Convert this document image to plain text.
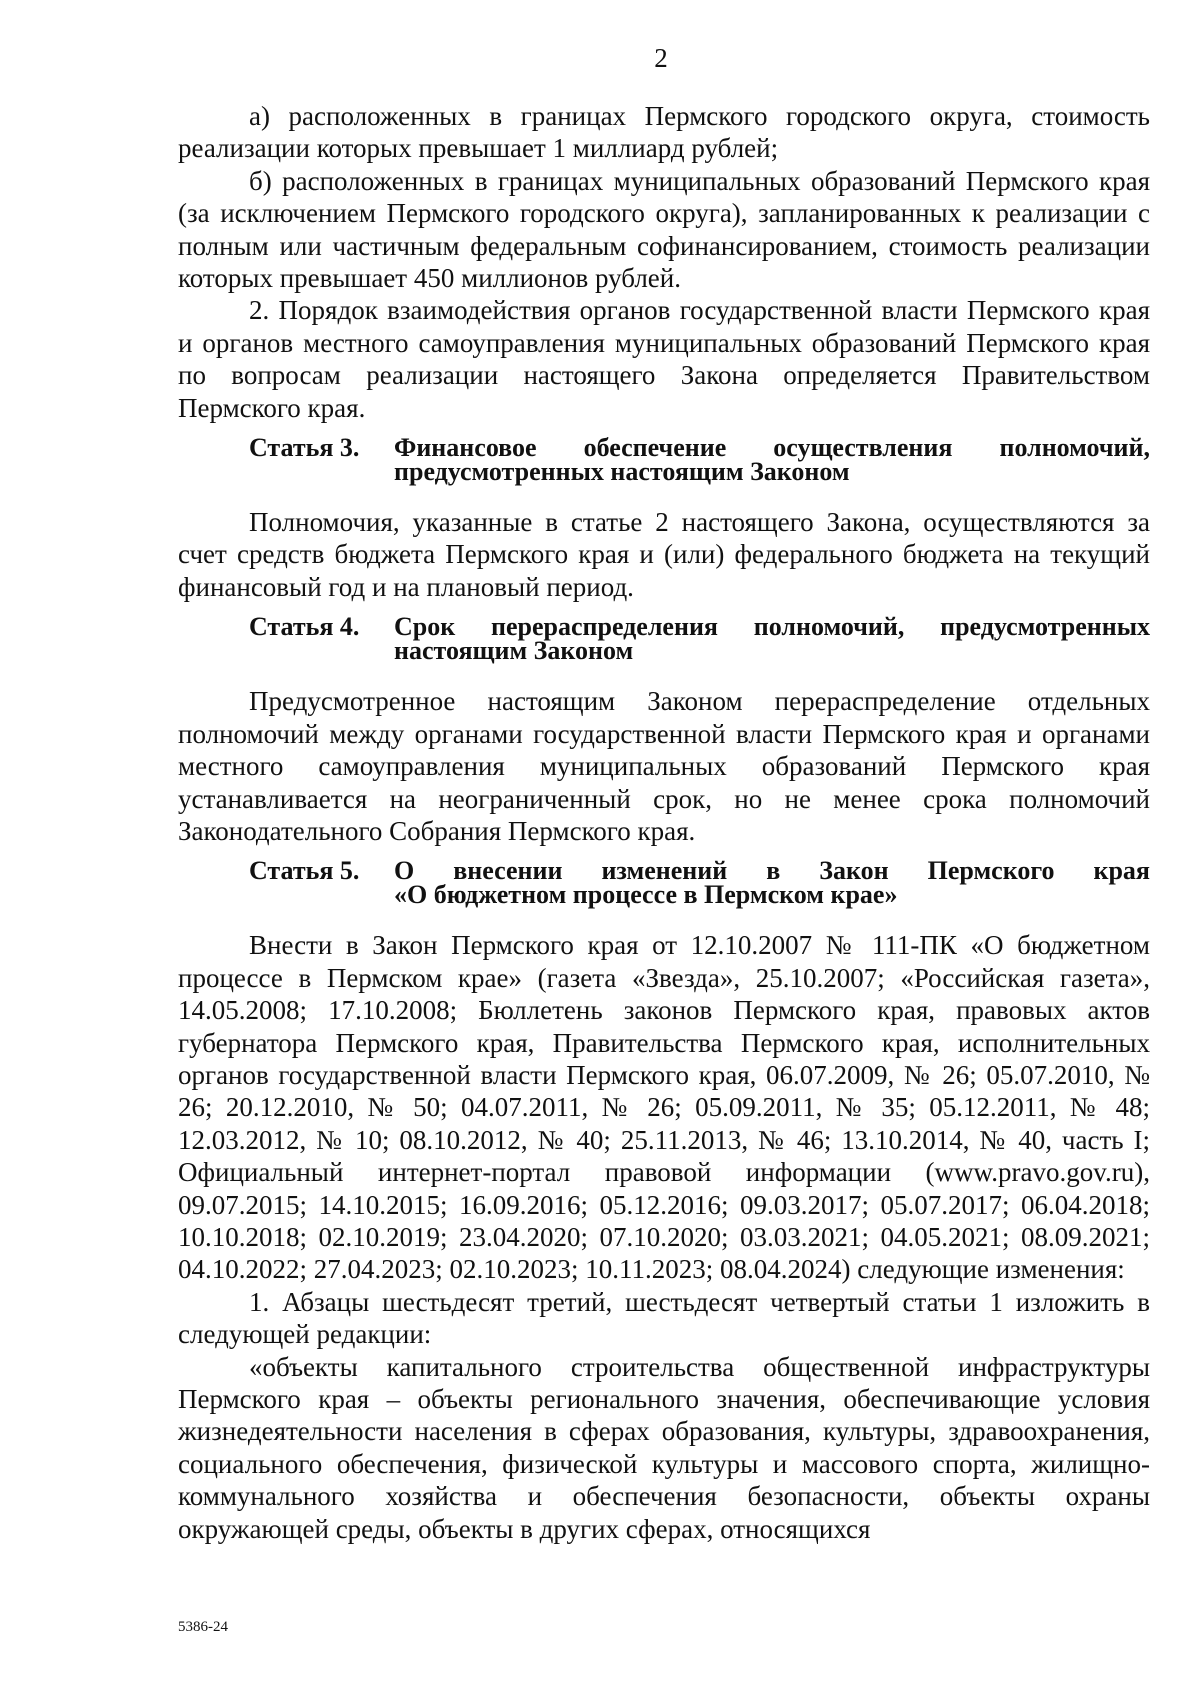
2

а) расположенных в границах Пермского городского округа, стоимость реализации которых превышает 1 миллиард рублей;

б) расположенных в границах муниципальных образований Пермского края (за исключением Пермского городского округа), запланированных к реализации с полным или частичным федеральным софинансированием, стоимость реализации которых превышает 450 миллионов рублей.

2. Порядок взаимодействия органов государственной власти Пермского края и органов местного самоуправления муниципальных образований Пермского края по вопросам реализации настоящего Закона определяется Правительством Пермского края.

Статья 3.	Финансовое обеспечение осуществления полномочий,
предусмотренных настоящим Законом

Полномочия, указанные в статье 2 настоящего Закона, осуществляются за счет средств бюджета Пермского края и (или) федерального бюджета на текущий финансовый год и на плановый период.

Статья 4.	Срок перераспределения полномочий, предусмотренных
настоящим Законом

Предусмотренное настоящим Законом перераспределение отдельных полномочий между органами государственной власти Пермского края и органами местного самоуправления муниципальных образований Пермского края устанавливается на неограниченный срок, но не менее срока полномочий Законодательного Собрания Пермского края.

Статья 5.	О внесении изменений в Закон Пермского края
«О бюджетном процессе в Пермском крае»

Внести в Закон Пермского края от 12.10.2007 № 111-ПК «О бюджетном процессе в Пермском крае» (газета «Звезда», 25.10.2007; «Российская газета», 14.05.2008; 17.10.2008; Бюллетень законов Пермского края, правовых актов губернатора Пермского края, Правительства Пермского края, исполнительных органов государственной власти Пермского края, 06.07.2009, № 26; 05.07.2010, № 26; 20.12.2010, № 50; 04.07.2011, № 26; 05.09.2011, № 35; 05.12.2011, № 48; 12.03.2012, № 10; 08.10.2012, № 40; 25.11.2013, № 46; 13.10.2014, № 40, часть I; Официальный интернет-портал правовой информации (www.pravo.gov.ru), 09.07.2015; 14.10.2015; 16.09.2016; 05.12.2016; 09.03.2017; 05.07.2017; 06.04.2018; 10.10.2018; 02.10.2019; 23.04.2020; 07.10.2020; 03.03.2021; 04.05.2021; 08.09.2021; 04.10.2022; 27.04.2023; 02.10.2023; 10.11.2023; 08.04.2024) следующие изменения:

1. Абзацы шестьдесят третий, шестьдесят четвертый статьи 1 изложить в следующей редакции:

«объекты капитального строительства общественной инфраструктуры Пермского края – объекты регионального значения, обеспечивающие условия жизнедеятельности населения в сферах образования, культуры, здравоохранения, социального обеспечения, физической культуры и массового спорта, жилищно-коммунального хозяйства и обеспечения безопасности, объекты охраны окружающей среды, объекты в других сферах, относящихся

5386-24
